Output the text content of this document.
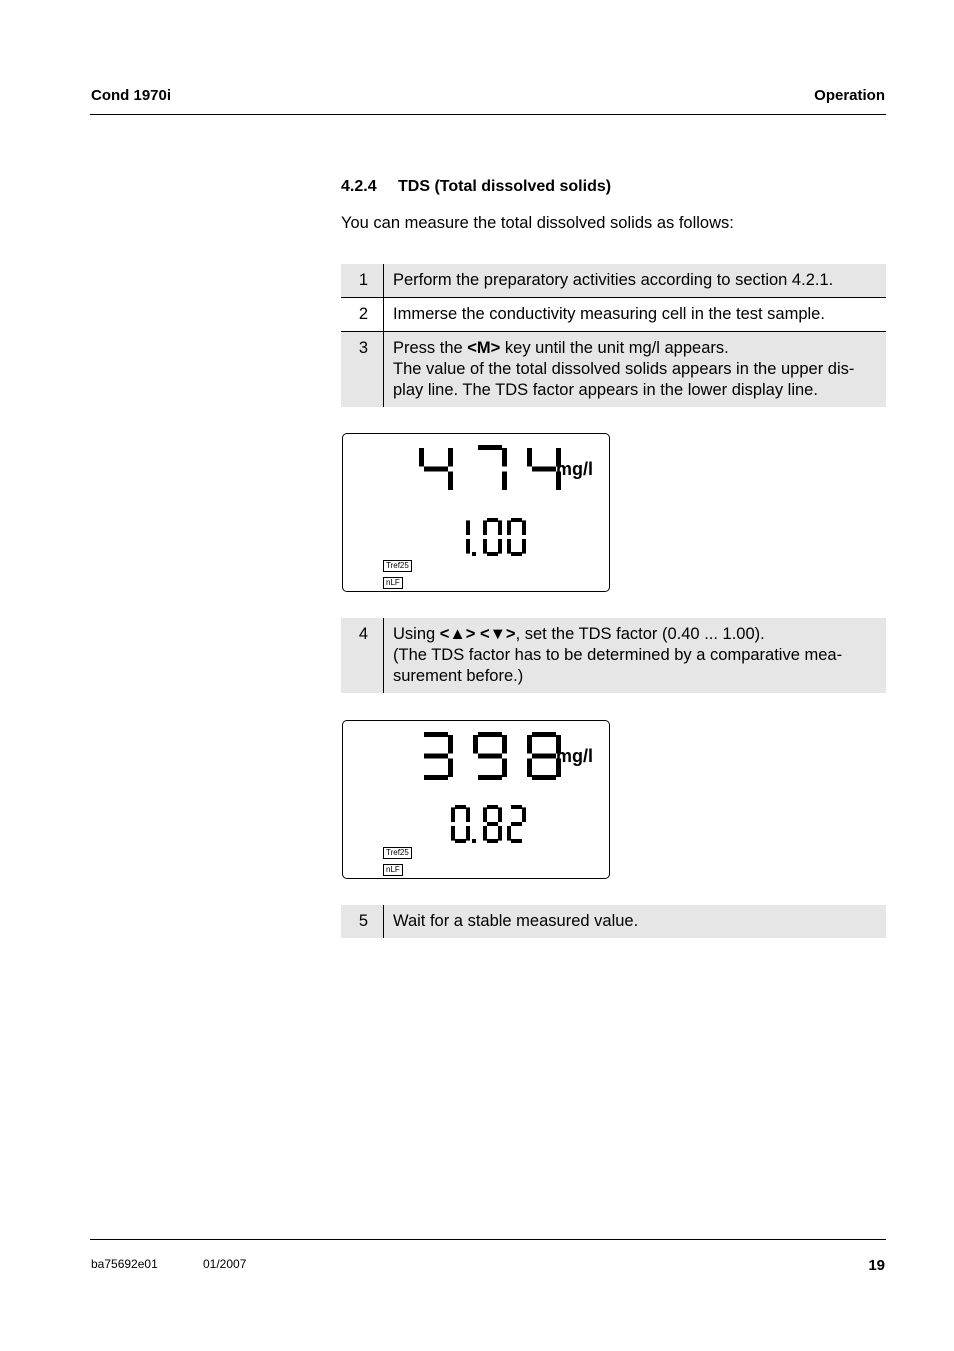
Cond 1970i	Operation
4.2.4 TDS (Total dissolved solids)
You can measure the total dissolved solids as follows:
1	Perform the preparatory activities according to section 4.2.1.
2	Immerse the conductivity measuring cell in the test sample.
3	Press the <M> key until the unit mg/l appears.
The value of the total dissolved solids appears in the upper dis-
play line. The TDS factor appears in the lower display line.
mg/l
Tref25
nLF
4	Using <▲> <▼>, set the TDS factor (0.40 ... 1.00).
(The TDS factor has to be determined by a comparative mea-
surement before.)
mg/l
Tref25
nLF
5	Wait for a stable measured value.
ba75692e01	01/2007	19
